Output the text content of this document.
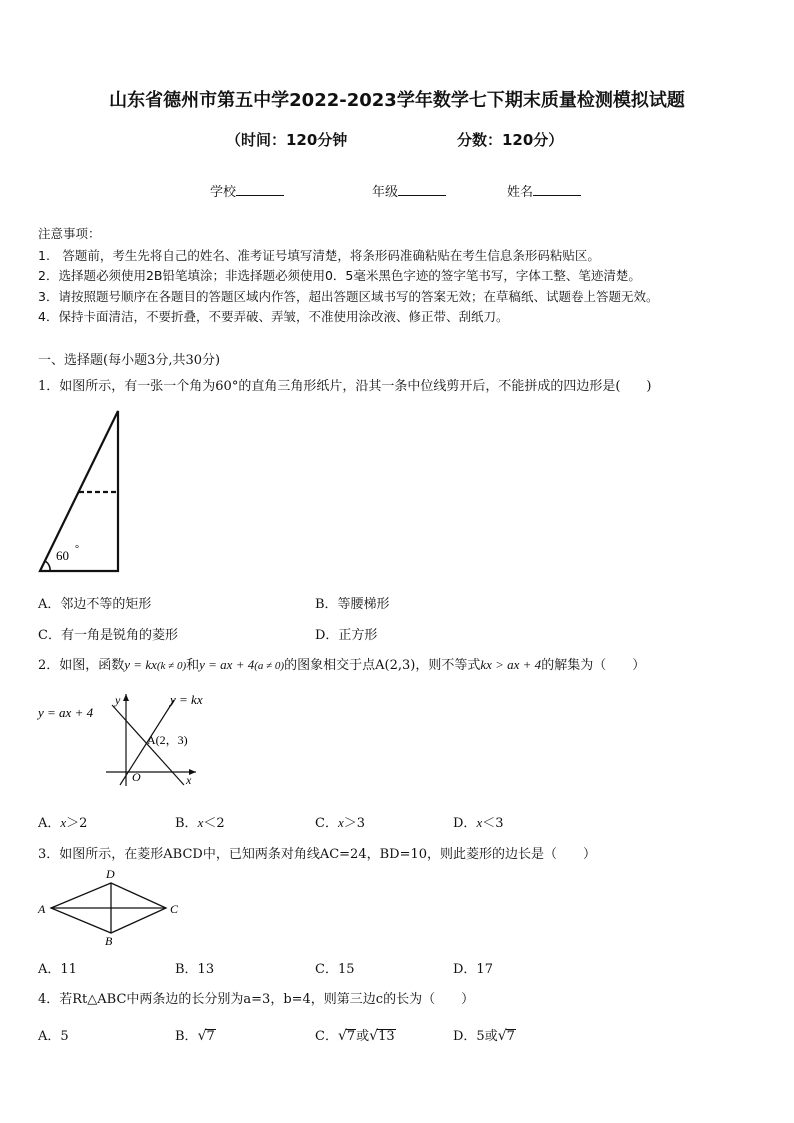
山东省德州市第五中学2022-2023学年数学七下期末质量检测模拟试题
（时间：120分钟	分数：120分）
学校	年级	姓名
注意事项：
1.　答题前，考生先将自己的姓名、准考证号填写清楚，将条形码准确粘贴在考生信息条形码粘贴区。
2．选择题必须使用2B铅笔填涂；非选择题必须使用0．5毫米黑色字迹的签字笔书写，字体工整、笔迹清楚。
3．请按照题号顺序在各题目的答题区域内作答，超出答题区域书写的答案无效；在草稿纸、试题卷上答题无效。
4．保持卡面清洁，不要折叠，不要弄破、弄皱，不准使用涂改液、修正带、刮纸刀。
一、选择题(每小题3分,共30分)
1．如图所示，有一张一个角为60°的直角三角形纸片，沿其一条中位线剪开后，不能拼成的四边形是(　　)
60 °
A．邻边不等的矩形	B．等腰梯形
C．有一角是锐角的菱形	D．正方形
2．如图，函数y = kx(k ≠ 0)和y = ax + 4(a ≠ 0)的图象相交于点A(2,3)，则不等式kx > ax + 4的解集为（　　）
y = ax + 4
y = kx
A(2，3)
O	x
y
A．x＞2	B．x＜2	C．x＞3	D．x＜3
3．如图所示，在菱形ABCD中，已知两条对角线AC=24，BD=10，则此菱形的边长是（　　）
A
D
C
B
A．11	B．13	C．15	D．17
4．若Rt△ABC中两条边的长分别为a=3，b=4，则第三边c的长为（　　）
A．5	B．√7	C．√7或√13	D．5或√7
